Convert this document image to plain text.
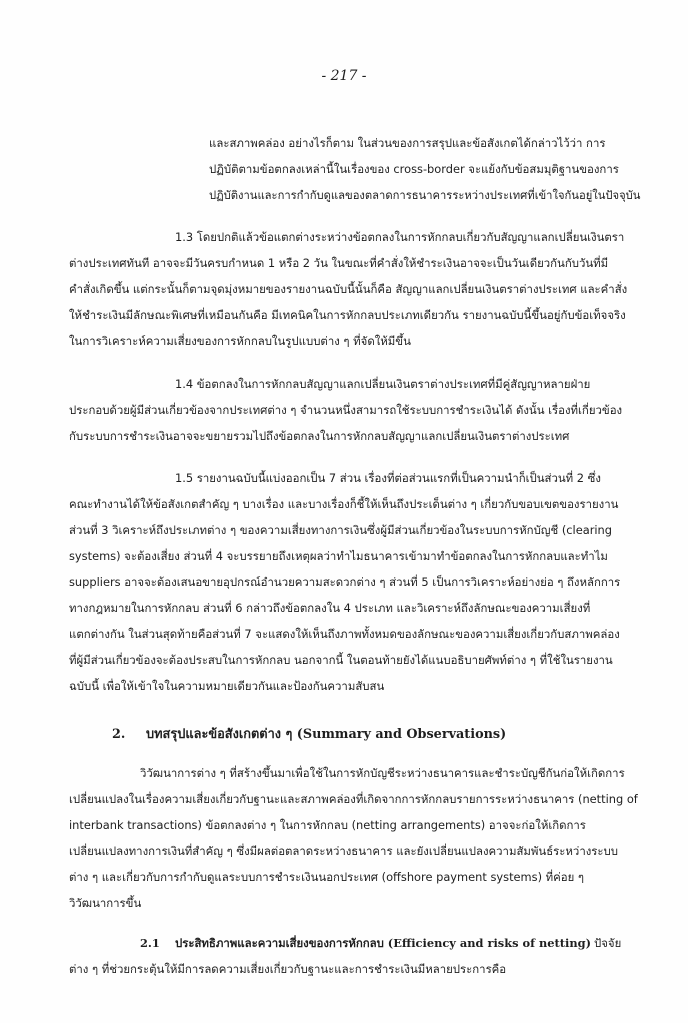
- 217 -
และสภาพคล่อง อย่างไรก็ตาม ในส่วนของการสรุปและข้อสังเกตได้กล่าวไว้ว่า การ
ปฏิบัติตามข้อตกลงเหล่านี้ในเรื่องของ cross-border จะแย้งกับข้อสมมุติฐานของการ
ปฏิบัติงานและการกำกับดูแลของตลาดการธนาคารระหว่างประเทศที่เข้าใจกันอยู่ในปัจจุบัน
1.3 โดยปกติแล้วข้อแตกต่างระหว่างข้อตกลงในการหักกลบเกี่ยวกับสัญญาแลกเปลี่ยนเงินตรา
ต่างประเทศทันที อาจจะมีวันครบกำหนด 1 หรือ 2 วัน ในขณะที่คำสั่งให้ชำระเงินอาจจะเป็นวันเดียวกันกับวันที่มี
คำสั่งเกิดขึ้น แต่กระนั้นก็ตามจุดมุ่งหมายของรายงานฉบับนี้นั้นก็คือ สัญญาแลกเปลี่ยนเงินตราต่างประเทศ และคำสั่ง
ให้ชำระเงินมีลักษณะพิเศษที่เหมือนกันคือ มีเทคนิคในการหักกลบประเภทเดียวกัน รายงานฉบับนี้ขึ้นอยู่กับข้อเท็จจริง
ในการวิเคราะห์ความเสี่ยงของการหักกลบในรูปแบบต่าง ๆ ที่จัดให้มีขึ้น
1.4 ข้อตกลงในการหักกลบสัญญาแลกเปลี่ยนเงินตราต่างประเทศที่มีคู่สัญญาหลายฝ่าย
ประกอบด้วยผู้มีส่วนเกี่ยวข้องจากประเทศต่าง ๆ จำนวนหนึ่งสามารถใช้ระบบการชำระเงินได้ ดังนั้น เรื่องที่เกี่ยวข้อง
กับระบบการชำระเงินอาจจะขยายรวมไปถึงข้อตกลงในการหักกลบสัญญาแลกเปลี่ยนเงินตราต่างประเทศ
1.5 รายงานฉบับนี้แบ่งออกเป็น 7 ส่วน เรื่องที่ต่อส่วนแรกที่เป็นความนำก็เป็นส่วนที่ 2 ซึ่ง
คณะทำงานได้ให้ข้อสังเกตสำคัญ ๆ บางเรื่อง และบางเรื่องก็ชี้ให้เห็นถึงประเด็นต่าง ๆ เกี่ยวกับขอบเขตของรายงาน
ส่วนที่ 3 วิเคราะห์ถึงประเภทต่าง ๆ ของความเสี่ยงทางการเงินซึ่งผู้มีส่วนเกี่ยวข้องในระบบการหักบัญชี (clearing
systems) จะต้องเสี่ยง ส่วนที่ 4 จะบรรยายถึงเหตุผลว่าทำไมธนาคารเข้ามาทำข้อตกลงในการหักกลบและทำไม
suppliers อาจจะต้องเสนอขายอุปกรณ์อำนวยความสะดวกต่าง ๆ ส่วนที่ 5 เป็นการวิเคราะห์อย่างย่อ ๆ ถึงหลักการ
ทางกฎหมายในการหักกลบ ส่วนที่ 6 กล่าวถึงข้อตกลงใน 4 ประเภท และวิเคราะห์ถึงลักษณะของความเสี่ยงที่
แตกต่างกัน ในส่วนสุดท้ายคือส่วนที่ 7 จะแสดงให้เห็นถึงภาพทั้งหมดของลักษณะของความเสี่ยงเกี่ยวกับสภาพคล่อง
ที่ผู้มีส่วนเกี่ยวข้องจะต้องประสบในการหักกลบ นอกจากนี้ ในตอนท้ายยังได้แนบอธิบายศัพท์ต่าง ๆ ที่ใช้ในรายงาน
ฉบับนี้ เพื่อให้เข้าใจในความหมายเดียวกันและป้องกันความสับสน
2. บทสรุปและข้อสังเกตต่าง ๆ (Summary and Observations)
วิวัฒนาการต่าง ๆ ที่สร้างขึ้นมาเพื่อใช้ในการหักบัญชีระหว่างธนาคารและชำระบัญชีกันก่อให้เกิดการ
เปลี่ยนแปลงในเรื่องความเสี่ยงเกี่ยวกับฐานะและสภาพคล่องที่เกิดจากการหักกลบรายการระหว่างธนาคาร (netting of
interbank transactions) ข้อตกลงต่าง ๆ ในการหักกลบ (netting arrangements) อาจจะก่อให้เกิดการ
เปลี่ยนแปลงทางการเงินที่สำคัญ ๆ ซึ่งมีผลต่อตลาดระหว่างธนาคาร และยังเปลี่ยนแปลงความสัมพันธ์ระหว่างระบบ
ต่าง ๆ และเกี่ยวกับการกำกับดูแลระบบการชำระเงินนอกประเทศ (offshore payment systems) ที่ค่อย ๆ
วิวัฒนาการขึ้น
2.1 ประสิทธิภาพและความเสี่ยงของการหักกลบ (Efficiency and risks of netting) ปัจจัย
ต่าง ๆ ที่ช่วยกระตุ้นให้มีการลดความเสี่ยงเกี่ยวกับฐานะและการชำระเงินมีหลายประการคือ
